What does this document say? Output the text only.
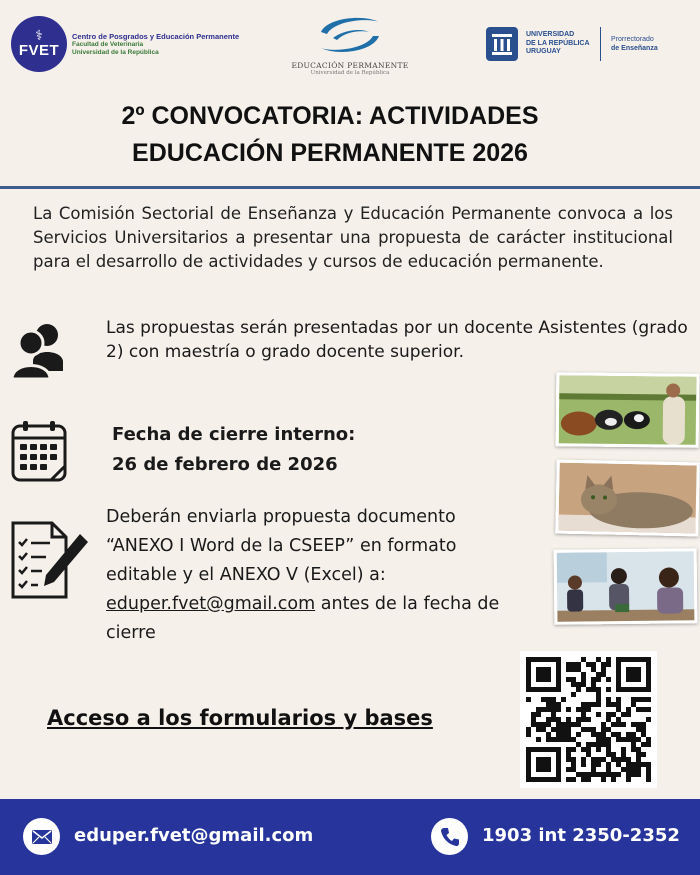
⚕
FVET
Centro de Posgrados y Educación Permanente
Facultad de Veterinaria
Universidad de la República
EDUCACIÓN PERMANENTE
Universidad de la República
UNIVERSIDAD
DE LA REPÚBLICA
URUGUAY
Prorrectorado
de Enseñanza
2º CONVOCATORIA: ACTIVIDADES
EDUCACIÓN PERMANENTE 2026

La Comisión Sectorial de Enseñanza y Educación Permanente convoca a los Servicios Universitarios a presentar una propuesta de carácter institucional para el desarrollo de actividades y cursos de educación permanente.

Las propuestas serán presentadas por un docente Asistentes (grado 2) con maestría o grado docente superior.

Fecha de cierre interno:
26 de febrero de 2026

Deberán enviarla propuesta documento “ANEXO I Word de la CSEEP” en formato editable y el ANEXO V (Excel) a: eduper.fvet@gmail.com antes de la fecha de cierre

Acceso a los formularios y bases
eduper.fvet@gmail.com	1903 int 2350-2352
